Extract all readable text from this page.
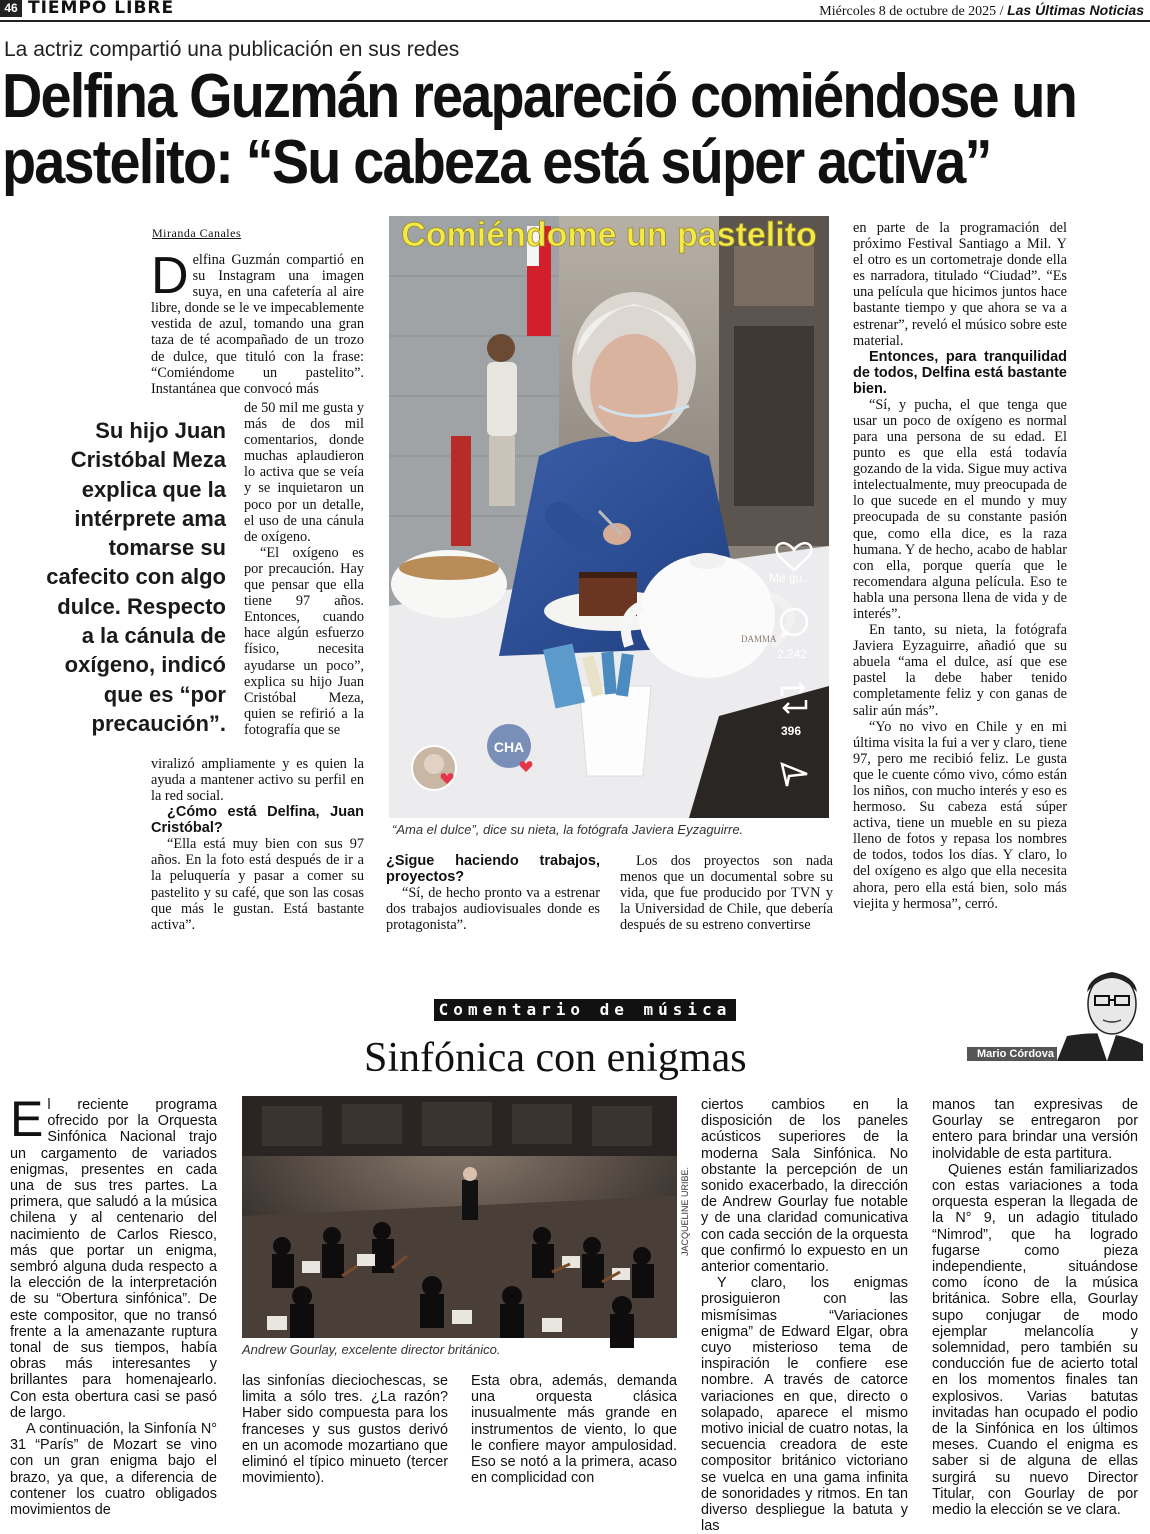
46 TIEMPO LIBRE	Miércoles 8 de octubre de 2025 / Las Últimas Noticias
La actriz compartió una publicación en sus redes
Delfina Guzmán reapareció comiéndose un
pastelito: “Su cabeza está súper activa”
Miranda Canales
D elfina Guzmán compartió en su Instagram una imagen suya, en una cafetería al aire libre, donde se le ve impecablemente vestida de azul, tomando una gran taza de té acompañado de un trozo de dulce, que tituló con la frase: “Comiéndome un pastelito”. Instantánea que convocó más

de 50 mil me gusta y más de dos mil comentarios, donde muchas aplaudieron lo activa que se veía y se inquietaron un poco por un detalle, el uso de una cánula de oxígeno.

“El oxígeno es por precaución. Hay que pensar que ella tiene 97 años. Entonces, cuando hace algún esfuerzo físico, necesita ayudarse un poco”, explica su hijo Juan Cristóbal Meza, quien se refirió a la fotografía que se

viralizó ampliamente y es quien la ayuda a mantener activo su perfil en la red social.

¿Cómo está Delfina, Juan Cristóbal?

“Ella está muy bien con sus 97 años. En la foto está después de ir a la peluquería y pasar a comer su pastelito y su café, que son las cosas que más le gustan. Está bastante activa”.

Su hijo Juan Cristóbal Meza explica que la intérprete ama tomarse su cafecito con algo dulce. Respecto a la cánula de oxígeno, indicó que es “por precaución”.
DAMMA
Comiéndome un pastelito
Me gu...
2,242
396
CHA
“Ama el dulce”, dice su nieta, la fotógrafa Javiera Eyzaguirre.

¿Sigue haciendo trabajos, proyectos?

“Sí, de hecho pronto va a estrenar dos trabajos audiovisuales donde es protagonista”.

Los dos proyectos son nada menos que un documental sobre su vida, que fue producido por TVN y la Universidad de Chile, que debería después de su estreno convertirse

en parte de la programación del próximo Festival Santiago a Mil. Y el otro es un cortometraje donde ella es narradora, titulado “Ciudad”. “Es una película que hicimos juntos hace bastante tiempo y que ahora se va a estrenar”, reveló el músico sobre este material.

Entonces, para tranquilidad de todos, Delfina está bastante bien.

“Sí, y pucha, el que tenga que usar un poco de oxígeno es normal para una persona de su edad. El punto es que ella está todavía gozando de la vida. Sigue muy activa intelectualmente, muy preocupada de lo que sucede en el mundo y muy preocupada de su constante pasión que, como ella dice, es la raza humana. Y de hecho, acabo de hablar con ella, porque quería que le recomendara alguna película. Eso te habla una persona llena de vida y de interés”.

En tanto, su nieta, la fotógrafa Javiera Eyzaguirre, añadió que su abuela “ama el dulce, así que ese pastel la debe haber tenido completamente feliz y con ganas de salir aún más”.

“Yo no vivo en Chile y en mi última visita la fui a ver y claro, tiene 97, pero me recibió feliz. Le gusta que le cuente cómo vivo, cómo están los niños, con mucho interés y eso es hermoso. Su cabeza está súper activa, tiene un mueble en su pieza lleno de fotos y repasa los nombres de todos, todos los días. Y claro, lo del oxígeno es algo que ella necesita ahora, pero ella está bien, solo más viejita y hermosa”, cerró.

Comentario de música
Sinfónica con enigmas	Mario Córdova
JACQUELINE URIBE.
Andrew Gourlay, excelente director británico.
E l reciente programa ofrecido por la Orquesta Sinfónica Nacional trajo un cargamento de variados enigmas, presentes en cada una de sus tres partes. La primera, que saludó a la música chilena y al centenario del nacimiento de Carlos Riesco, más que portar un enigma, sembró alguna duda respecto a la elección de la interpretación de su “Obertura sinfónica”. De este compositor, que no transó frente a la amenazante ruptura tonal de sus tiempos, había obras más interesantes y brillantes para homenajearlo. Con esta obertura casi se pasó de largo.

A continuación, la Sinfonía N° 31 “París” de Mozart se vino con un gran enigma bajo el brazo, ya que, a diferencia de contener los cuatro obligados movimientos de

las sinfonías dieciochescas, se limita a sólo tres. ¿La razón? Haber sido compuesta para los franceses y sus gustos derivó en un acomode mozartiano que eliminó el típico minueto (tercer movimiento).

Esta obra, además, demanda una orquesta clásica inusualmente más grande en instrumentos de viento, lo que le confiere mayor ampulosidad. Eso se notó a la primera, acaso en complicidad con

ciertos cambios en la disposición de los paneles acústicos superiores de la moderna Sala Sinfónica. No obstante la percepción de un sonido exacerbado, la dirección de Andrew Gourlay fue notable y de una claridad comunicativa con cada sección de la orquesta que confirmó lo expuesto en un anterior comentario.

Y claro, los enigmas prosiguieron con las mismísimas “Variaciones enigma” de Edward Elgar, obra cuyo misterioso tema de inspiración le confiere ese nombre. A través de catorce variaciones en que, directo o solapado, aparece el mismo motivo inicial de cuatro notas, la secuencia creadora de este compositor británico victoriano se vuelca en una gama infinita de sonoridades y ritmos. En tan diverso despliegue la batuta y las

manos tan expresivas de Gourlay se entregaron por entero para brindar una versión inolvidable de esta partitura.

Quienes están familiarizados con estas variaciones a toda orquesta esperan la llegada de la N° 9, un adagio titulado “Nimrod”, que ha logrado fugarse como pieza independiente, situándose como ícono de la música británica. Sobre ella, Gourlay supo conjugar de modo ejemplar melancolía y solemnidad, pero también su conducción fue de acierto total en los momentos finales tan explosivos. Varias batutas invitadas han ocupado el podio de la Sinfónica en los últimos meses. Cuando el enigma es saber si de alguna de ellas surgirá su nuevo Director Titular, con Gourlay de por medio la elección se ve clara.
